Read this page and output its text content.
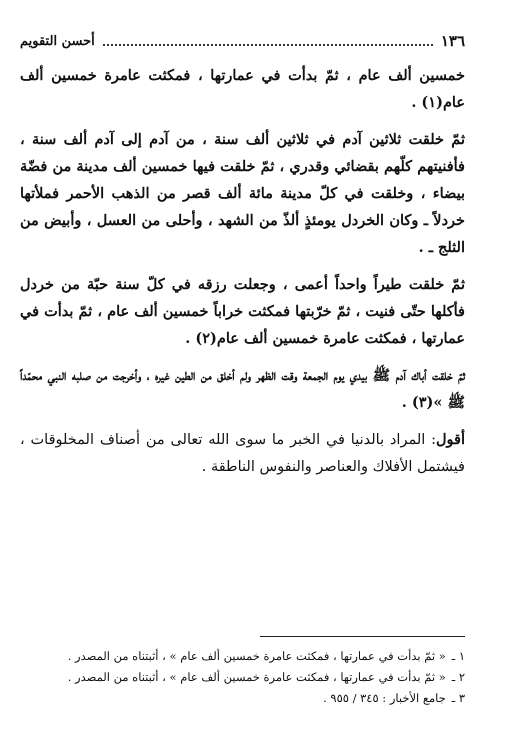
١٣٦
أحسن التقويم

خمسين ألف عام ، ثمّ بدأت في عمارتها ، فمكثت عامرة خمسين ألف عام(١) .

ثمّ خلقت ثلاثين آدم في ثلاثين ألف سنة ، من آدم إلى آدم ألف سنة ، فأفنيتهم كلّهم بقضائي وقدري ، ثمّ خلقت فيها خمسين ألف مدينة من فضّة بيضاء ، وخلقت في كلّ مدينة مائة ألف قصر من الذهب الأحمر فملأتها خردلاً ـ وكان الخردل يومئذٍ ألذّ من الشهد ، وأحلى من العسل ، وأبيض من الثلج ـ .

ثمّ خلقت طيراً واحداً أعمى ، وجعلت رزقه في كلّ سنة حبّة من خردل فأكلها حتّى فنيت ، ثمّ خرّبتها فمكثت خراباً خمسين ألف عام ، ثمّ بدأت في عمارتها ، فمكثت عامرة خمسين ألف عام(٢) .

ثمّ خلقت أباك آدم ﷺ بيدي يوم الجمعة وقت الظهر ولم أخلق من الطين غيره ، وأخرجت من صلبه النبي محمّداً ﷺ »(٣) .

أقول: المراد بالدنيا في الخبر ما سوى الله تعالى من أصناف المخلوقات ، فيشتمل الأفلاك والعناصر والنفوس الناطقة .

١ ـ
« ثمّ بدأت في عمارتها ، فمكثت عامرة خمسين ألف عام » ، أثبتناه من المصدر .
٢ ـ
« ثمّ بدأت في عمارتها ، فمكثت عامرة خمسين ألف عام » ، أثبتناه من المصدر .
٣ ـ
جامع الأخبار : ٣٤٥ / ٩٥٥ .
